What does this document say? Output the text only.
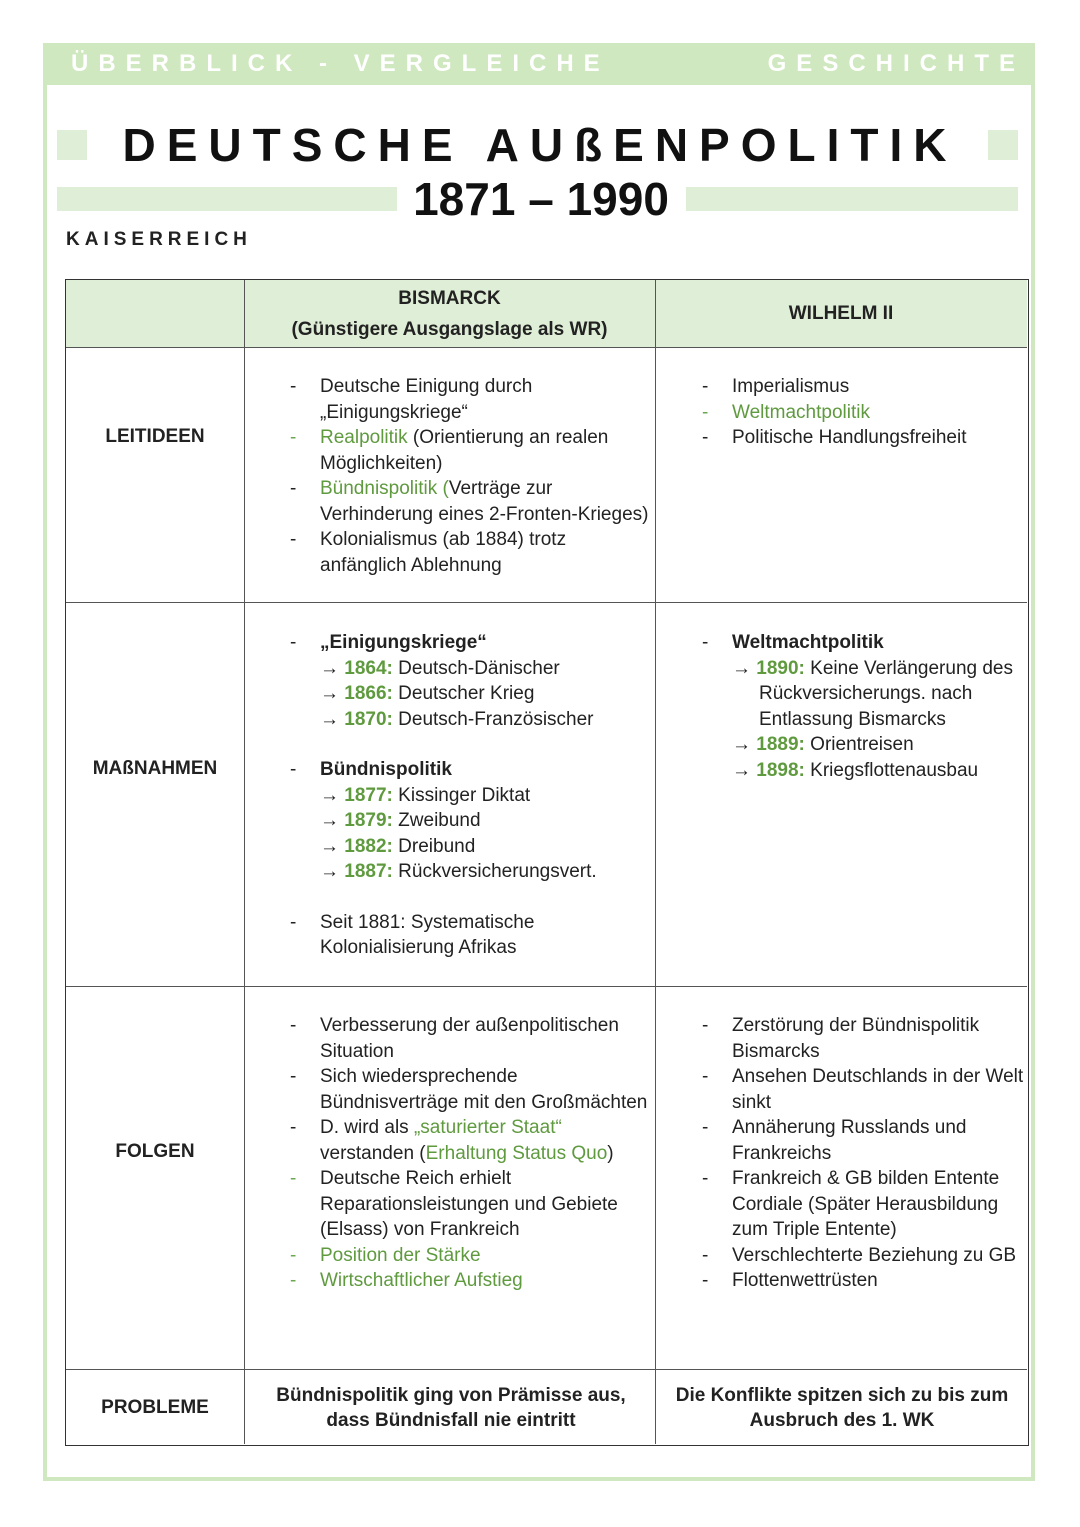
ÜBERBLICK - VERGLEICHE	GESCHICHTE
DEUTSCHE AUßENPOLITIK
1871 – 1990
KAISERREICH
BISMARCK
(Günstigere Ausgangslage als WR)
WILHELM II
LEITIDEEN
- Deutsche Einigung durch „Einigungskriege“
- Realpolitik (Orientierung an realen Möglichkeiten)
- Bündnispolitik (Verträge zur Verhinderung eines 2-Fronten-Krieges)
- Kolonialismus (ab 1884) trotz anfänglich Ablehnung
- Imperialismus
- Weltmachtpolitik
- Politische Handlungsfreiheit
MAßNAHMEN
- „Einigungskriege“
→ 1864: Deutsch-Dänischer
→ 1866: Deutscher Krieg
→ 1870: Deutsch-Französischer
- Bündnispolitik
→ 1877: Kissinger Diktat
→ 1879: Zweibund
→ 1882: Dreibund
→ 1887: Rückversicherungsvert.
- Seit 1881: Systematische Kolonialisierung Afrikas
- Weltmachtpolitik
→ 1890: Keine Verlängerung des Rückversicherungs. nach Entlassung Bismarcks
→ 1889: Orientreisen
→ 1898: Kriegsflottenausbau
FOLGEN
- Verbesserung der außenpolitischen Situation
- Sich wiedersprechende Bündnisverträge mit den Großmächten
- D. wird als „saturierter Staat“ verstanden (Erhaltung Status Quo)
- Deutsche Reich erhielt Reparationsleistungen und Gebiete (Elsass) von Frankreich
- Position der Stärke
- Wirtschaftlicher Aufstieg
- Zerstörung der Bündnispolitik Bismarcks
- Ansehen Deutschlands in der Welt sinkt
- Annäherung Russlands und Frankreichs
- Frankreich & GB bilden Entente Cordiale (Später Herausbildung zum Triple Entente)
- Verschlechterte Beziehung zu GB
- Flottenwettrüsten
PROBLEME
Bündnispolitik ging von Prämisse aus, dass Bündnisfall nie eintritt
Die Konflikte spitzen sich zu bis zum Ausbruch des 1. WK
